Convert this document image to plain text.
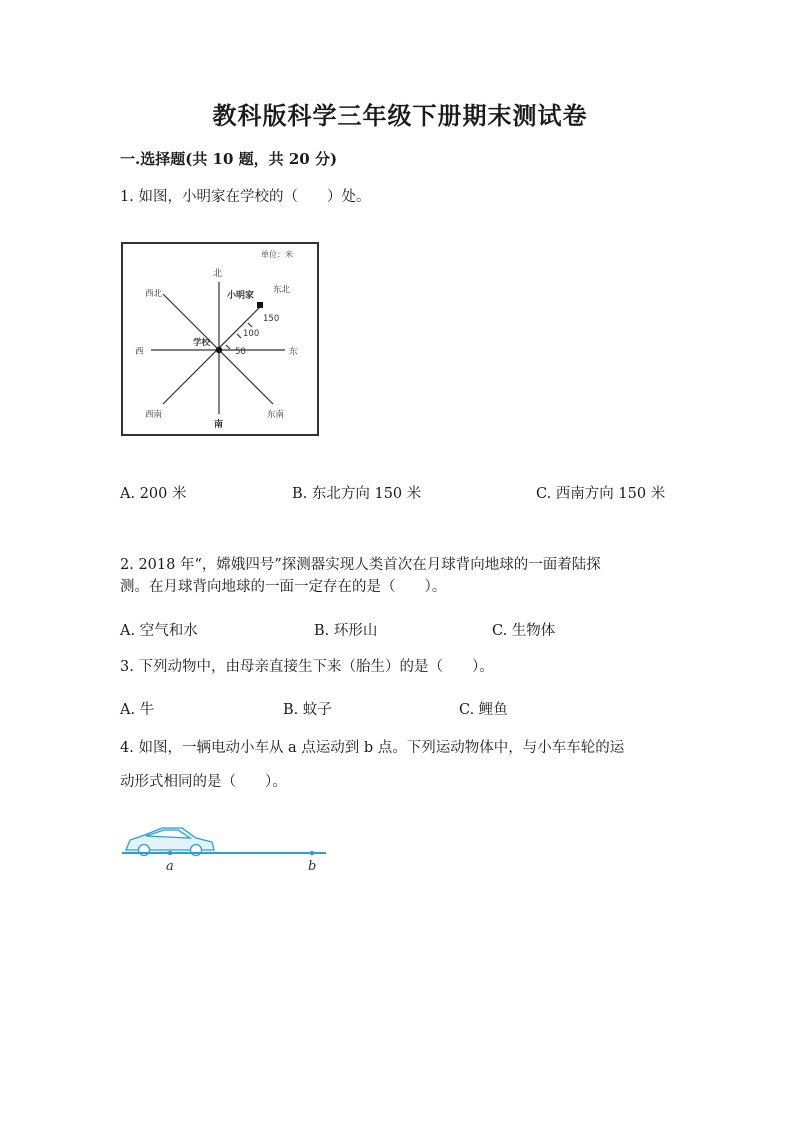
教科版科学三年级下册期末测试卷
一.选择题(共 10 题，共 20 分)
1. 如图，小明家在学校的（　　）处。
单位：米
北
西北	东北
小明家
学校
50
100
150
西	东
西南	东南
南
A. 200 米	B. 东北方向 150 米	C. 西南方向 150 米
2. 2018 年“，嫦娥四号”探测器实现人类首次在月球背向地球的一面着陆探
测。在月球背向地球的一面一定存在的是（　　）。
A. 空气和水	B. 环形山	C. 生物体
3. 下列动物中，由母亲直接生下来（胎生）的是（　　）。
A. 牛	B. 蚊子	C. 鲤鱼
4. 如图，一辆电动小车从 a 点运动到 b 点。下列运动物体中，与小车车轮的运
动形式相同的是（　　）。
a	b
